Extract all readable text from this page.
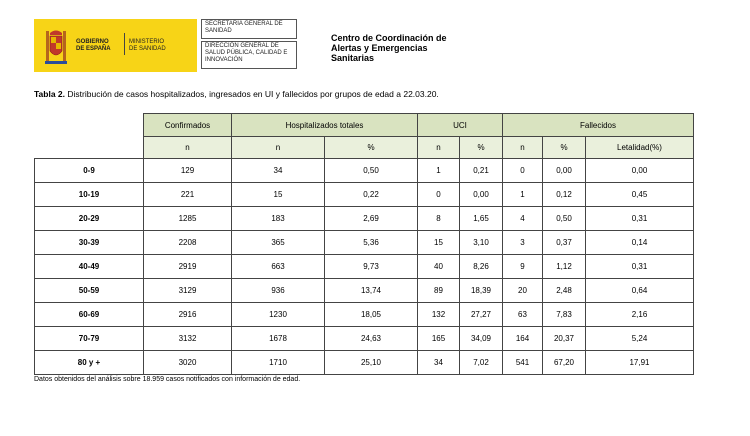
GOBIERNO
DE ESPAÑA
MINISTERIO
DE SANIDAD
SECRETARIA GENERAL DE SANIDAD
DIRECCIÓN GENERAL DE SALUD PÚBLICA, CALIDAD E INNOVACIÓN
Centro de Coordinación de
Alertas y Emergencias
Sanitarias
Tabla 2. Distribución de casos hospitalizados, ingresados en UI y fallecidos por grupos de edad a 22.03.20.
	Confirmados	Hospitalizados totales		UCI		Fallecidos		
	n	n	%	n	%	n	%	Letalidad(%)
0-9	129	34	0,50	1	0,21	0	0,00	0,00
10-19	221	15	0,22	0	0,00	1	0,12	0,45
20-29	1285	183	2,69	8	1,65	4	0,50	0,31
30-39	2208	365	5,36	15	3,10	3	0,37	0,14
40-49	2919	663	9,73	40	8,26	9	1,12	0,31
50-59	3129	936	13,74	89	18,39	20	2,48	0,64
60-69	2916	1230	18,05	132	27,27	63	7,83	2,16
70-79	3132	1678	24,63	165	34,09	164	20,37	5,24
80 y +	3020	1710	25,10	34	7,02	541	67,20	17,91
Datos obtenidos del análisis sobre 18.959 casos notificados con información de edad.
